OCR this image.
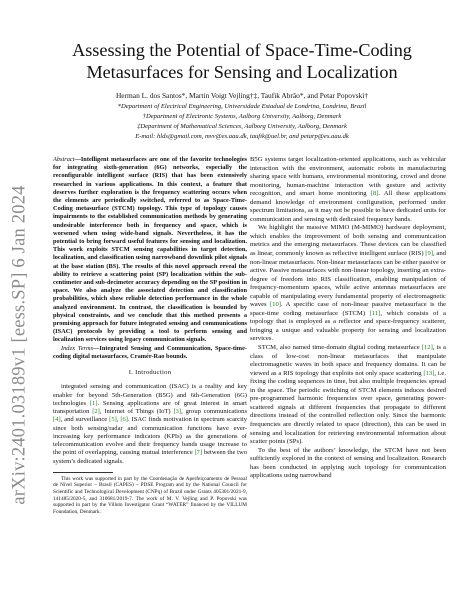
arXiv:2401.03189v1 [eess.SP] 6 Jan 2024
Assessing the Potential of Space-Time-Coding Metasurfaces for Sensing and Localization
Herman L. dos Santos*, Martin Voigt Vejling†‡, Taufik Abrão*, and Petar Popovski†
*Department of Electrical Engineering, Universidade Estadual de Londrina, Londrina, Brazil
†Department of Electronic Systems, Aalborg University, Aalborg, Denmark
‡Department of Mathematical Sciences, Aalborg University, Aalborg, Denmark
E-mail: hlds@gmail.com, mvv@es.aau.dk, taufik@uel.br, and petarp@es.aau.dk
Abstract—Intelligent metasurfaces are one of the favorite technologies for integrating sixth-generation (6G) networks, especially the reconfigurable intelligent surface (RIS) that has been extensively researched in various applications. In this context, a feature that deserves further exploration is the frequency scattering occurs when the elements are periodically switched, referred to as Space-Time-Coding metasurface (STCM) topology. This type of topology causes impairments to the established communication methods by generating undesirable interference both in frequency and space, which is worsened when using wide-band signals. Nevertheless, it has the potential to bring forward useful features for sensing and localization. This work exploits STCM sensing capabilities in target detection, localization, and classification using narrowband downlink pilot signals at the base station (BS). The results of this novel approach reveal the ability to retrieve a scattering point (SP) localization within the sub-centimeter and sub-decimeter accuracy depending on the SP position in space. We also analyze the associated detection and classification probabilities, which show reliable detection performance in the whole analyzed environment. In contrast, the classification is bounded by physical constraints, and we conclude that this method presents a promising approach for future integrated sensing and communications (ISAC) protocols by providing a tool to perform sensing and localization services using legacy communication signals.
Index Terms—Integrated Sensing and Communication, Space-time-coding digital metasurfaces, Cramér-Rao bounds.
I. Introduction

integrated sensing and communication (ISAC) is a reality and key enabler for beyond 5th-Generation (B5G) and 6th-Generation (6G) technologies [1]. Sensing applications are of great interest in smart transportation [2], Internet of Things (IoT) [3], group communications [4], and surveillance [5], [6]. ISAC finds motivation in spectrum scarcity since both sensing/radar and communication functions have ever-increasing key performance indicators (KPIs) as the generations of telecommunication evolve and their frequency bands usage increase to the point of overlapping, causing mutual interference [7] between the two system’s dedicated signals.

This work was supported in part by the Coordenação de Aperfeiçoamento de Pessoal de Nível Superior – Brasil (CAPES) – PDSE Program and by the National Council for Scientific and Technological Development (CNPq) of Brazil under Grants 405301/2021-9, 141485/2020-5, and 310681/2019-7. The work of M. V. Vejling and P. Popovski was supported in part by the Villum Investigator Grant “WATER” financed by the VILLUM Foundation, Denmark.

B5G systems target localization-oriented applications, such as vehicular interaction with the environment, automatic robots in manufacturing sharing space with humans, environmental monitoring, crowd and drone monitoring, human-machine interaction with gesture and activity recognition, and smart home monitoring [8]. All these applications demand knowledge of environment configuration, performed under spectrum limitations, as it may not be possible to have dedicated units for communication and sensing with dedicated frequency bands.

We highlight the massive MIMO (M-MIMO) hardware deployment, which enables the improvement of both sensing and communication metrics and the emerging metasurfaces. These devices can be classified as linear, commonly known as reflective intelligent surface (RIS) [9], and non-linear metasurfaces. Non-linear metasurfaces can be either passive or active. Passive metasurfaces with non-linear topology, inserting an extra-degree of freedom into RIS classification, enabling manipulation of frequency-momentum spaces, while active antennas metasurfaces are capable of manipulating every fundamental property of electromagnetic waves [10]. A specific case of non-linear passive metasurface is the space-time coding metasurface (STCM) [11], which consists of a topology that is employed as a reflector and space-frequency scatterer, bringing a unique and valuable property for sensing and localization services.

STCM, also named time-domain digital coding metasurface [12], is a class of low-cost non-linear metasurfaces that manipulate electromagnetic waves in both space and frequency domains. It can be viewed as a RIS topology that exploits not only space scattering [13], i.e. fixing the coding sequences in time, but also multiple frequencies spread in the space. The periodic switching of STCM elements induces desired pre-programmed harmonic frequencies over space, generating power-scattered signals at different frequencies that propagate to different directions instead of the controlled reflection only. Since the harmonic frequencies are directly related to space (direction), this can be used in sensing and localization for retrieving environmental information about scatter points (SPs).

To the best of the authors’ knowledge, the STCM have not been sufficiently explored in the context of sensing and localization. Research has been conducted in applying such topology for communication applications using narrowband
